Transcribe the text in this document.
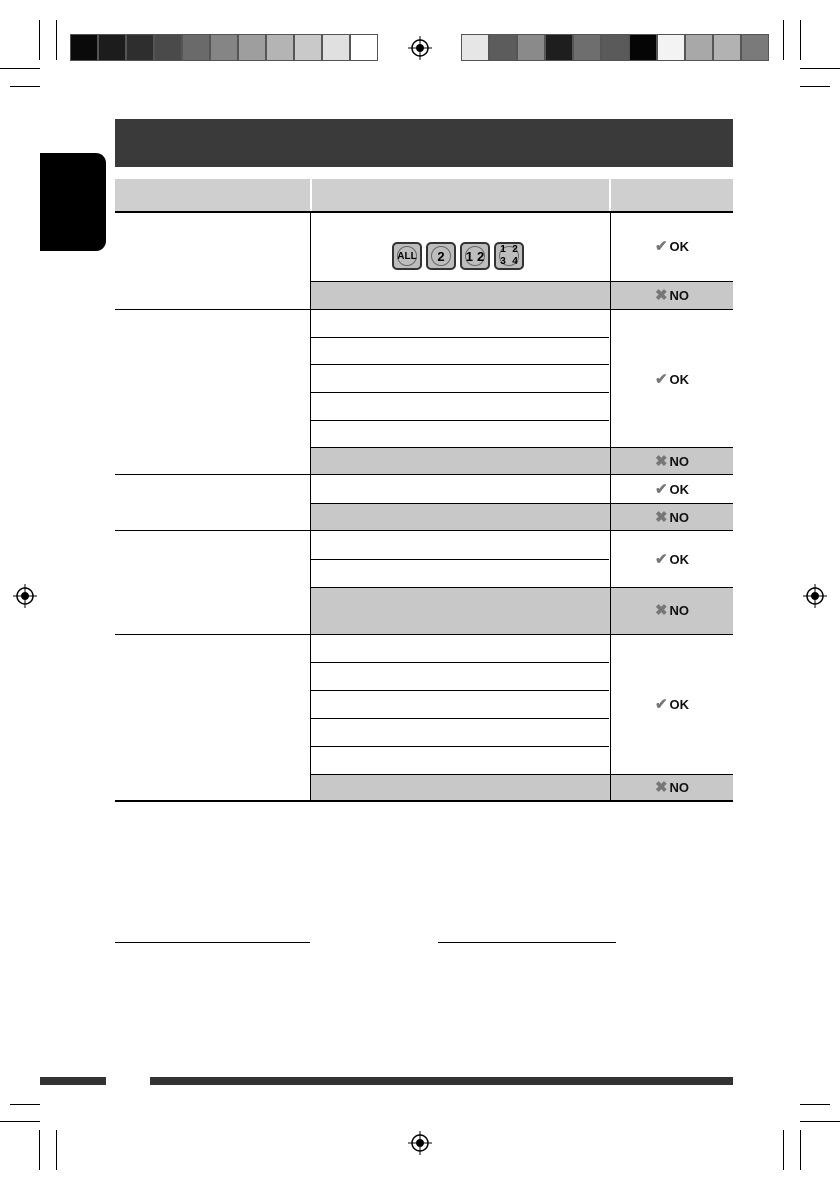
ALL 2 1 2	1 2
3 4
✔ OK
✖ NO
✔ OK
✖ NO
✔ OK
✖ NO
✔ OK
✖ NO
✔ OK
✖ NO
